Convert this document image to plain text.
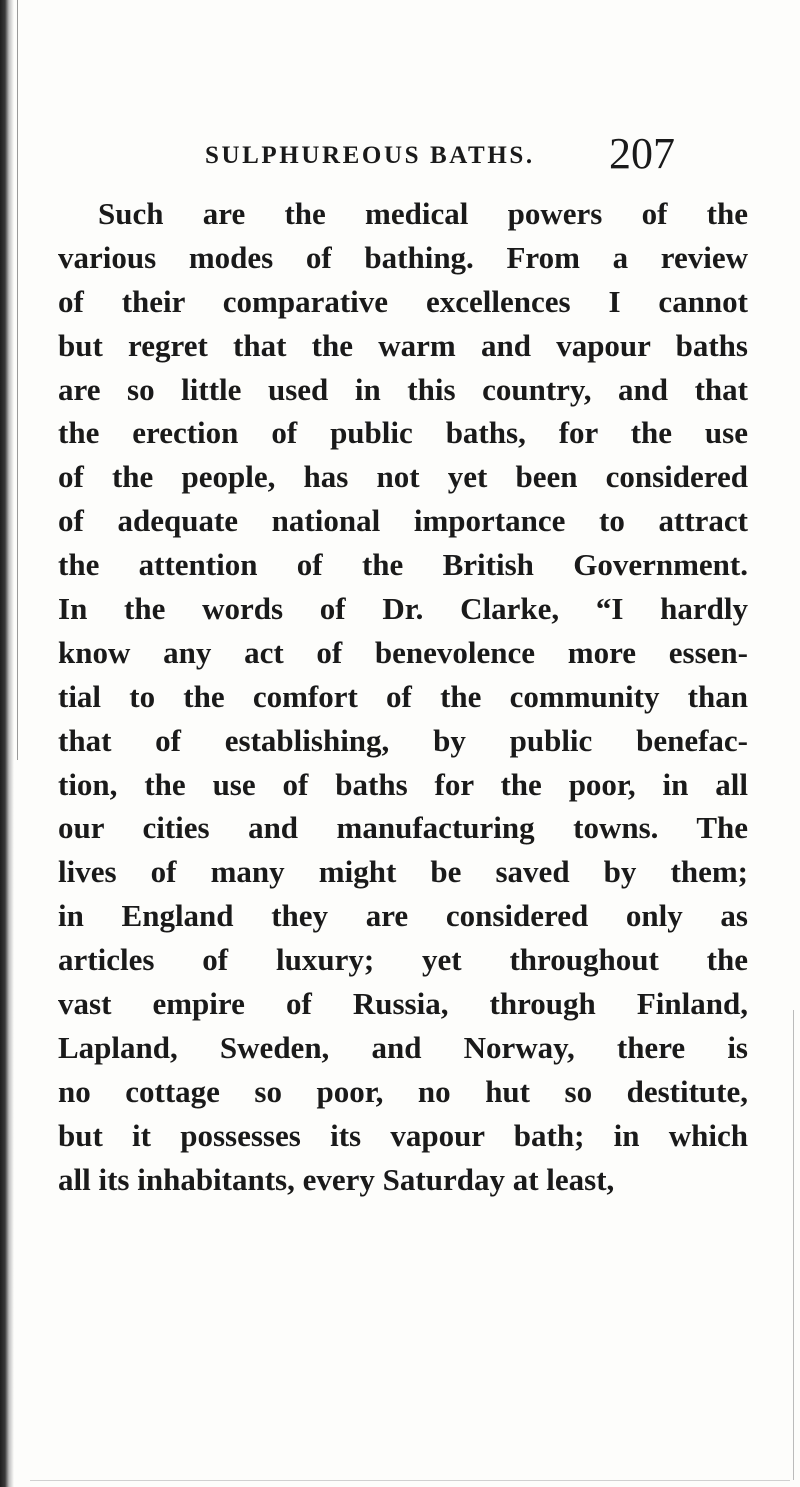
SULPHUREOUS BATHS. 207
Such are the medical powers of the
various modes of bathing. From a review
of their comparative excellences I cannot
but regret that the warm and vapour baths
are so little used in this country, and that
the erection of public baths, for the use
of the people, has not yet been considered
of adequate national importance to attract
the attention of the British Government.
In the words of Dr. Clarke, “I hardly
know any act of benevolence more essen-
tial to the comfort of the community than
that of establishing, by public benefac-
tion, the use of baths for the poor, in all
our cities and manufacturing towns. The
lives of many might be saved by them;
in England they are considered only as
articles of luxury; yet throughout the
vast empire of Russia, through Finland,
Lapland, Sweden, and Norway, there is
no cottage so poor, no hut so destitute,
but it possesses its vapour bath; in which
all its inhabitants, every Saturday at least,
